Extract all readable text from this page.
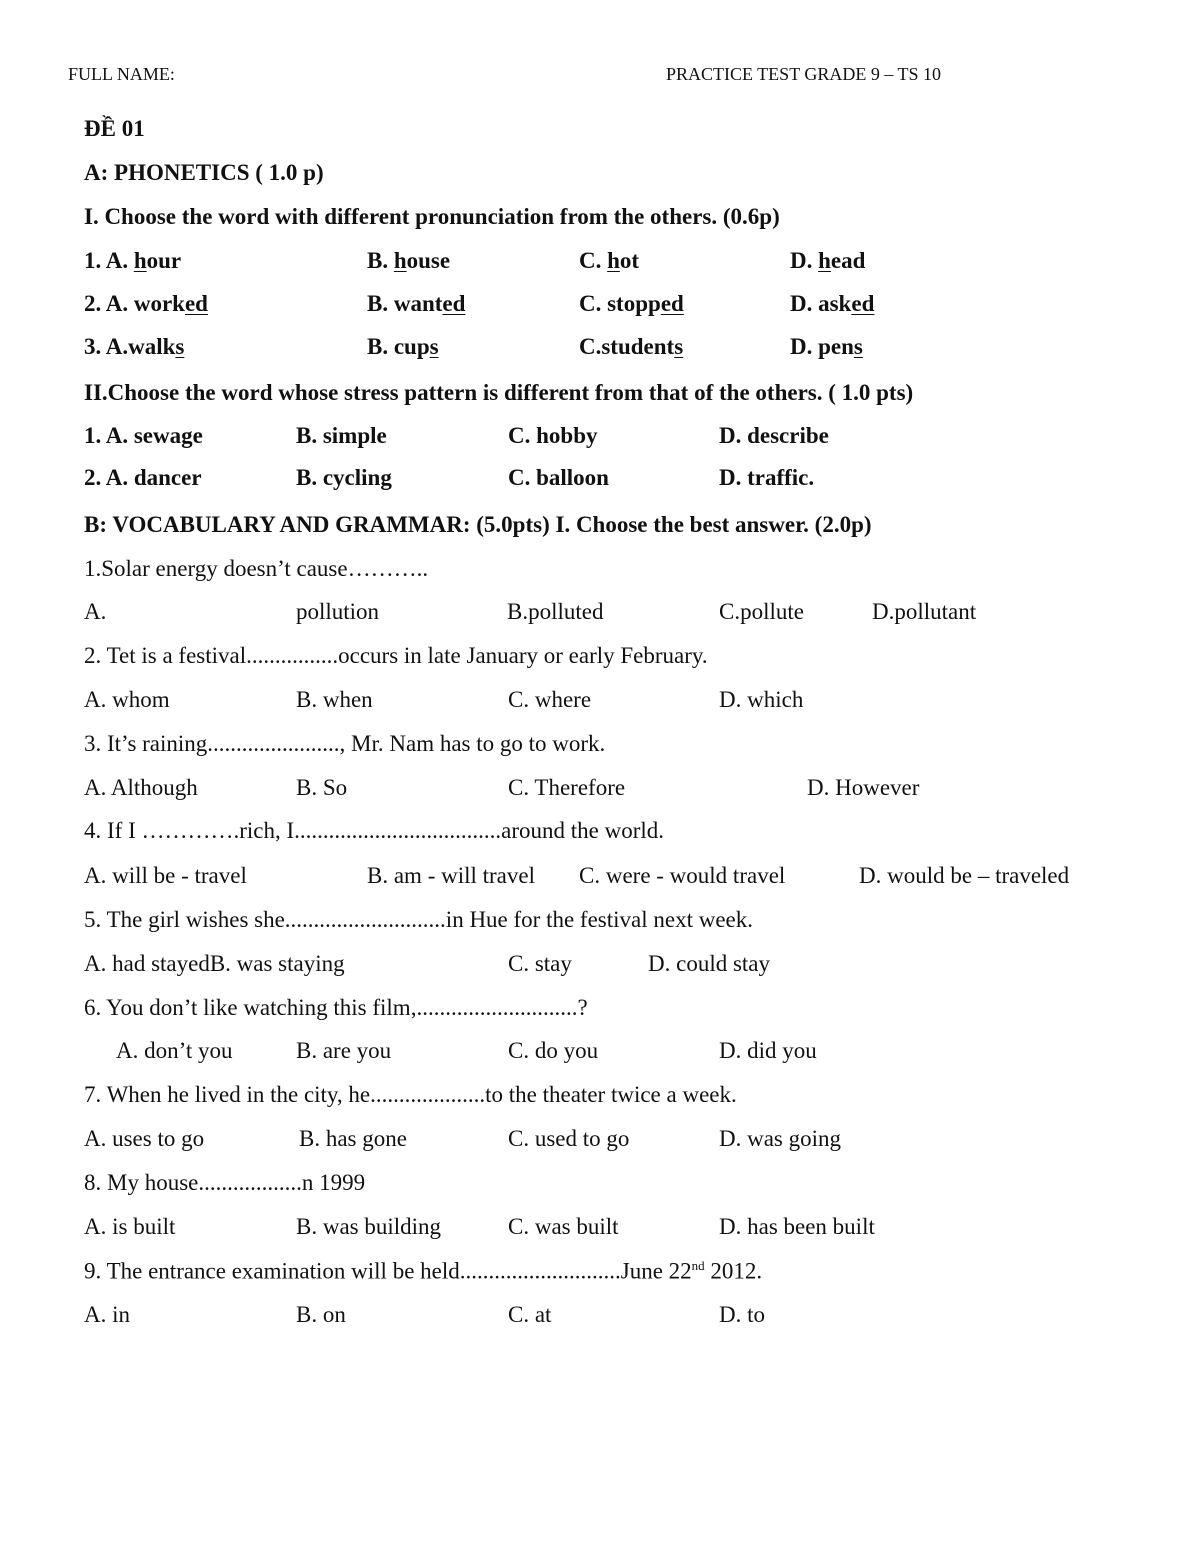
FULL NAME:	PRACTICE TEST GRADE 9 – TS 10
ĐỀ 01
A: PHONETICS ( 1.0 p)
I. Choose the word with different pronunciation from the others. (0.6p)
1. A. hour	B. house	C. hot	D. head
2. A. worked	B. wanted	C. stopped	D. asked
3. A.walks	B. cups	C.students	D. pens
II.Choose the word whose stress pattern is different from that of the others. ( 1.0 pts)
1. A. sewage	B. simple	C. hobby	D. describe
2. A. dancer	B. cycling	C. balloon	D. traffic.
B: VOCABULARY AND GRAMMAR: (5.0pts) I. Choose the best answer. (2.0p)
1.Solar energy doesn’t cause………..
A.	pollution	B.polluted	C.pollute	D.pollutant
2. Tet is a festival................occurs in late January or early February.
A. whom	B. when	C. where	D. which
3. It’s raining......................., Mr. Nam has to go to work.
A. Although	B. So	C. Therefore	D. However
4. If I ………….rich, I....................................around the world.
A. will be - travel	B. am - will travel C. were - would travel	D. would be – traveled
5. The girl wishes she............................in Hue for the festival next week.
A. had stayedB. was staying	C. stay	D. could stay
6. You don’t like watching this film,............................?
A. don’t you	B. are you	C. do you	D. did you
7. When he lived in the city, he....................to the theater twice a week.
A. uses to go	B. has gone	C. used to go	D. was going
8. My house..................n 1999
A. is built	B. was building	C. was built	D. has been built
9. The entrance examination will be held............................June 22nd 2012.
A. in	B. on	C. at	D. to
